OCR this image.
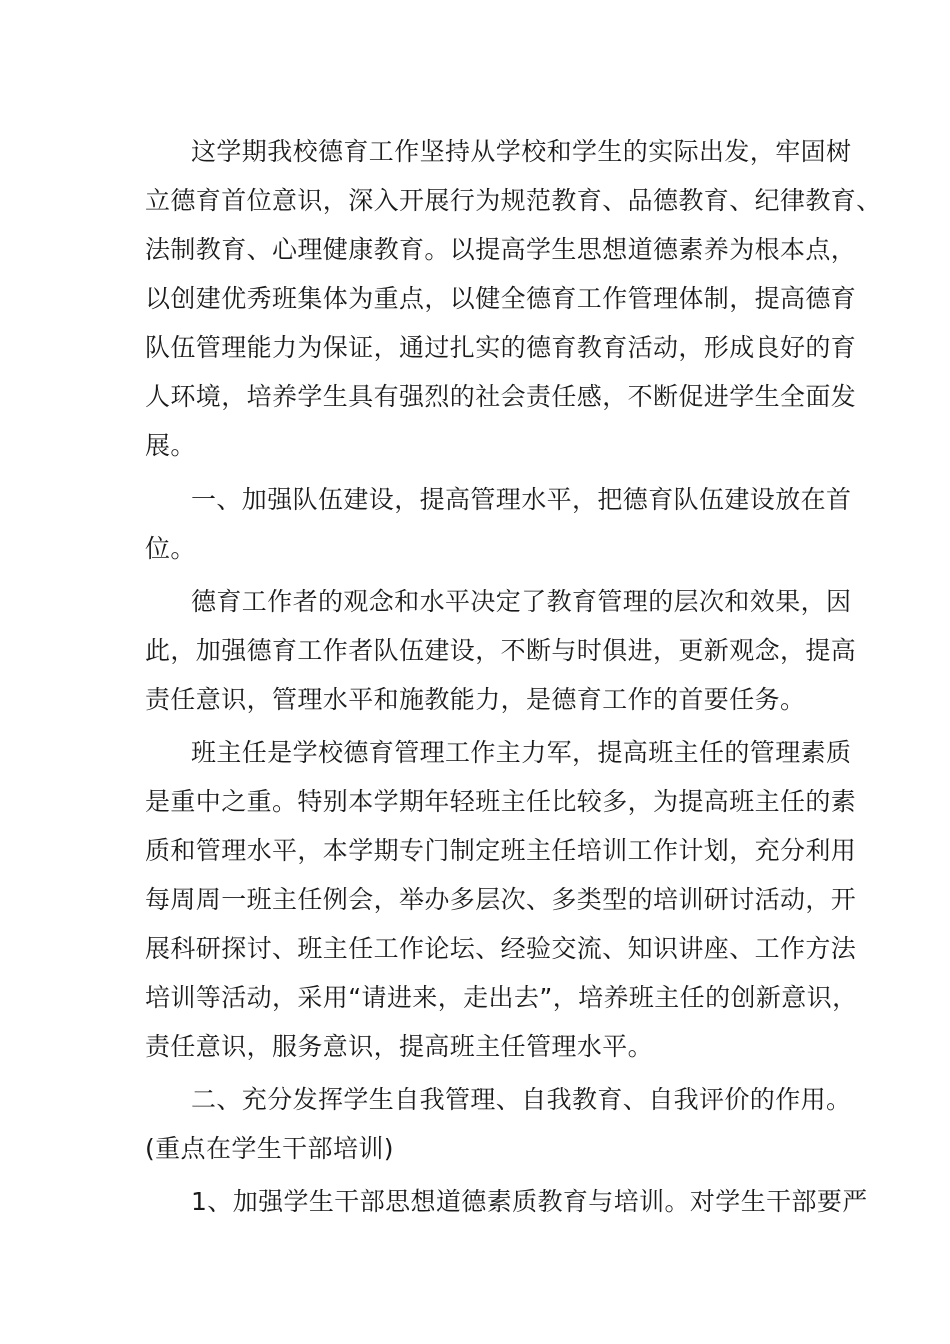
这学期我校德育工作坚持从学校和学生的实际出发，牢固树
立德育首位意识，深入开展行为规范教育、品德教育、纪律教育、
法制教育、心理健康教育。以提高学生思想道德素养为根本点，
以创建优秀班集体为重点，以健全德育工作管理体制，提高德育
队伍管理能力为保证，通过扎实的德育教育活动，形成良好的育
人环境，培养学生具有强烈的社会责任感，不断促进学生全面发
展。
一、加强队伍建设，提高管理水平，把德育队伍建设放在首
位。
德育工作者的观念和水平决定了教育管理的层次和效果，因
此，加强德育工作者队伍建设，不断与时俱进，更新观念，提高
责任意识，管理水平和施教能力，是德育工作的首要任务。
班主任是学校德育管理工作主力军，提高班主任的管理素质
是重中之重。特别本学期年轻班主任比较多，为提高班主任的素
质和管理水平，本学期专门制定班主任培训工作计划，充分利用
每周周一班主任例会，举办多层次、多类型的培训研讨活动，开
展科研探讨、班主任工作论坛、经验交流、知识讲座、工作方法
培训等活动，采用“请进来，走出去”，培养班主任的创新意识，
责任意识，服务意识，提高班主任管理水平。
二、充分发挥学生自我管理、自我教育、自我评价的作用。
(重点在学生干部培训)
1、加强学生干部思想道德素质教育与培训。对学生干部要严
